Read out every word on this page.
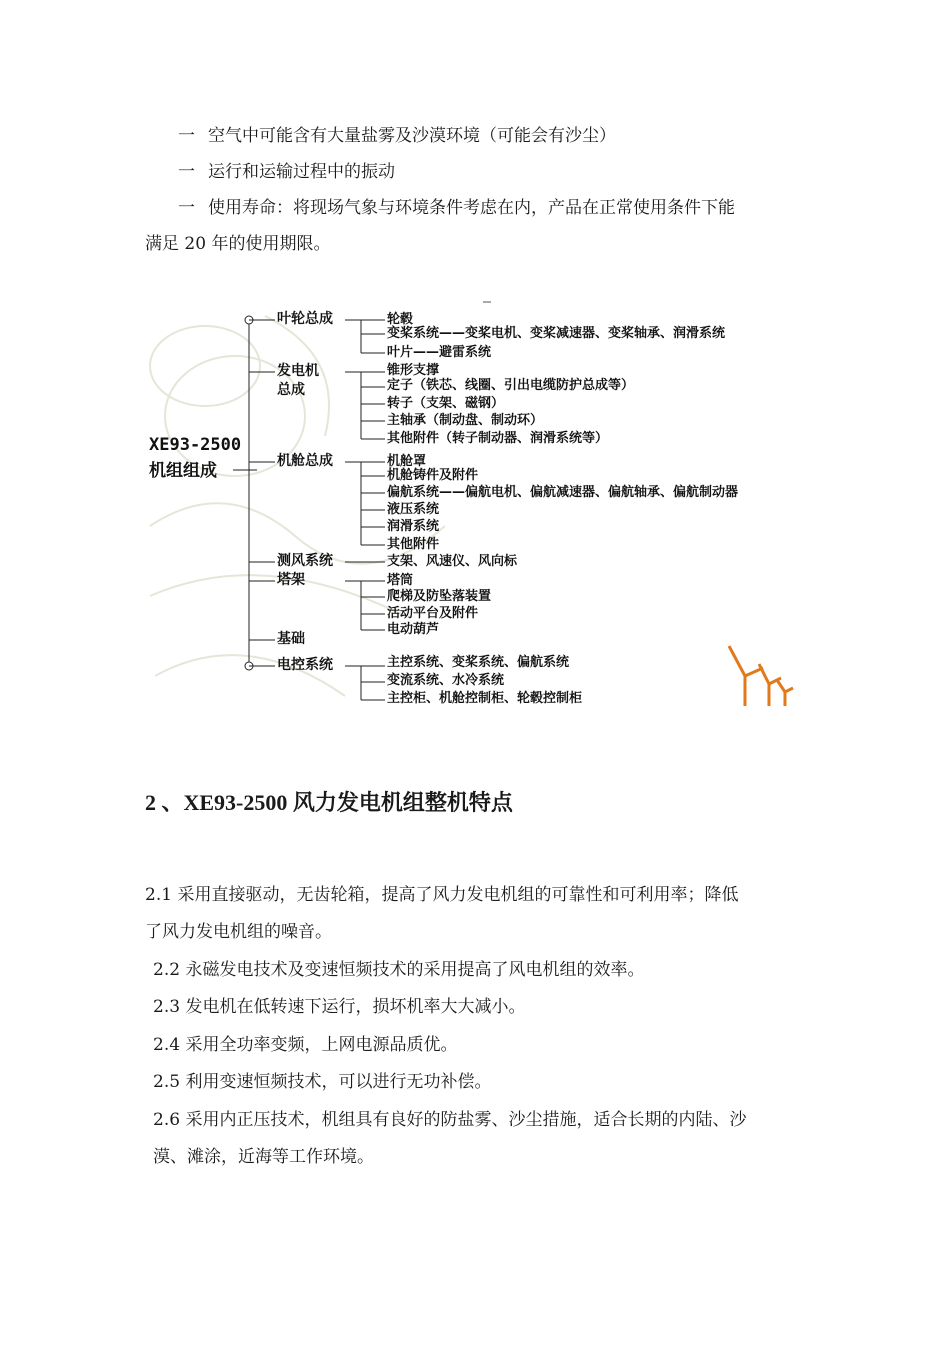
一 空气中可能含有大量盐雾及沙漠环境（可能会有沙尘）
一 运行和运输过程中的振动
一 使用寿命：将现场气象与环境条件考虑在内，产品在正常使用条件下能
满足 20 年的使用期限。
XE93-2500
机组组成
叶轮总成
发电机
总成
机舱总成
测风系统
塔架
基础
电控系统
轮毂
变桨系统——变桨电机、变桨减速器、变桨轴承、润滑系统
叶片——避雷系统
锥形支撑
定子（铁芯、线圈、引出电缆防护总成等）
转子（支架、磁钢）
主轴承（制动盘、制动环）
其他附件（转子制动器、润滑系统等）
机舱罩
机舱铸件及附件
偏航系统——偏航电机、偏航减速器、偏航轴承、偏航制动器
液压系统
润滑系统
其他附件
支架、风速仪、风向标
塔筒
爬梯及防坠落装置
活动平台及附件
电动葫芦
主控系统、变桨系统、偏航系统
变流系统、水冷系统
主控柜、机舱控制柜、轮毂控制柜
2 、XE93-2500 风力发电机组整机特点
2.1 采用直接驱动，无齿轮箱，提高了风力发电机组的可靠性和可利用率；降低
了风力发电机组的噪音。
2.2 永磁发电技术及变速恒频技术的采用提高了风电机组的效率。
2.3 发电机在低转速下运行，损坏机率大大减小。
2.4 采用全功率变频，上网电源品质优。
2.5 利用变速恒频技术，可以进行无功补偿。
2.6 采用内正压技术，机组具有良好的防盐雾、沙尘措施，适合长期的内陆、沙
漠、滩涂，近海等工作环境。
